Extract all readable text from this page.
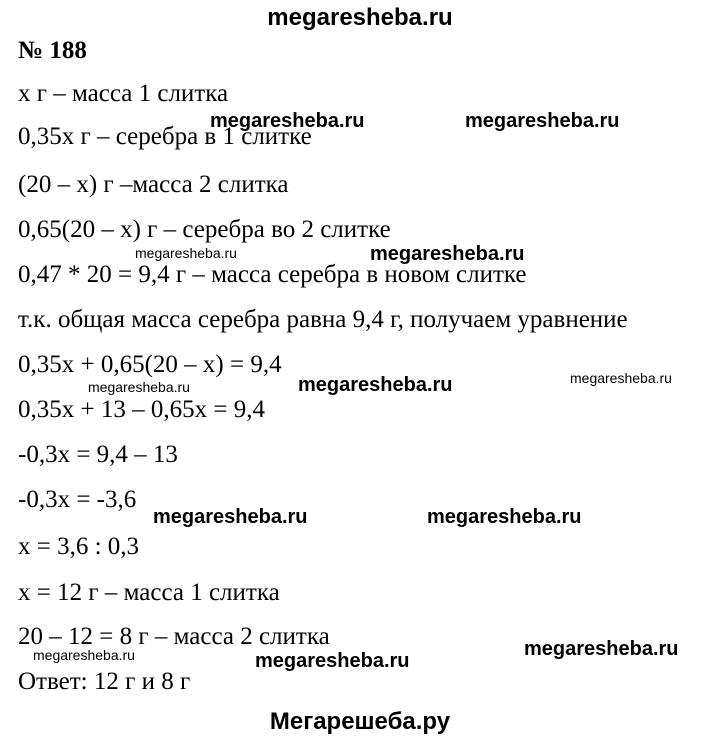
megaresheba.ru
№ 188
х г – масса 1 слитка
0,35х г – серебра в 1 слитке
(20 – х) г –масса 2 слитка
0,65(20 – х) г – серебра во 2 слитке
0,47 * 20 = 9,4 г – масса серебра в новом слитке
т.к. общая масса серебра равна 9,4 г, получаем уравнение
0,35х + 0,65(20 – х) = 9,4
0,35х + 13 – 0,65х = 9,4
-0,3х = 9,4 – 13
-0,3х = -3,6
х = 3,6 : 0,3
х = 12 г – масса 1 слитка
20 – 12 = 8 г – масса 2 слитка
Ответ: 12 г и 8 г
megaresheba.ru	megaresheba.ru
megaresheba.ru
megaresheba.ru
megaresheba.ru	megaresheba.ru
megaresheba.ru
megaresheba.ru
megaresheba.ru
megaresheba.ru
megaresheba.ru
megaresheba.ru
Мегарешеба.ру
